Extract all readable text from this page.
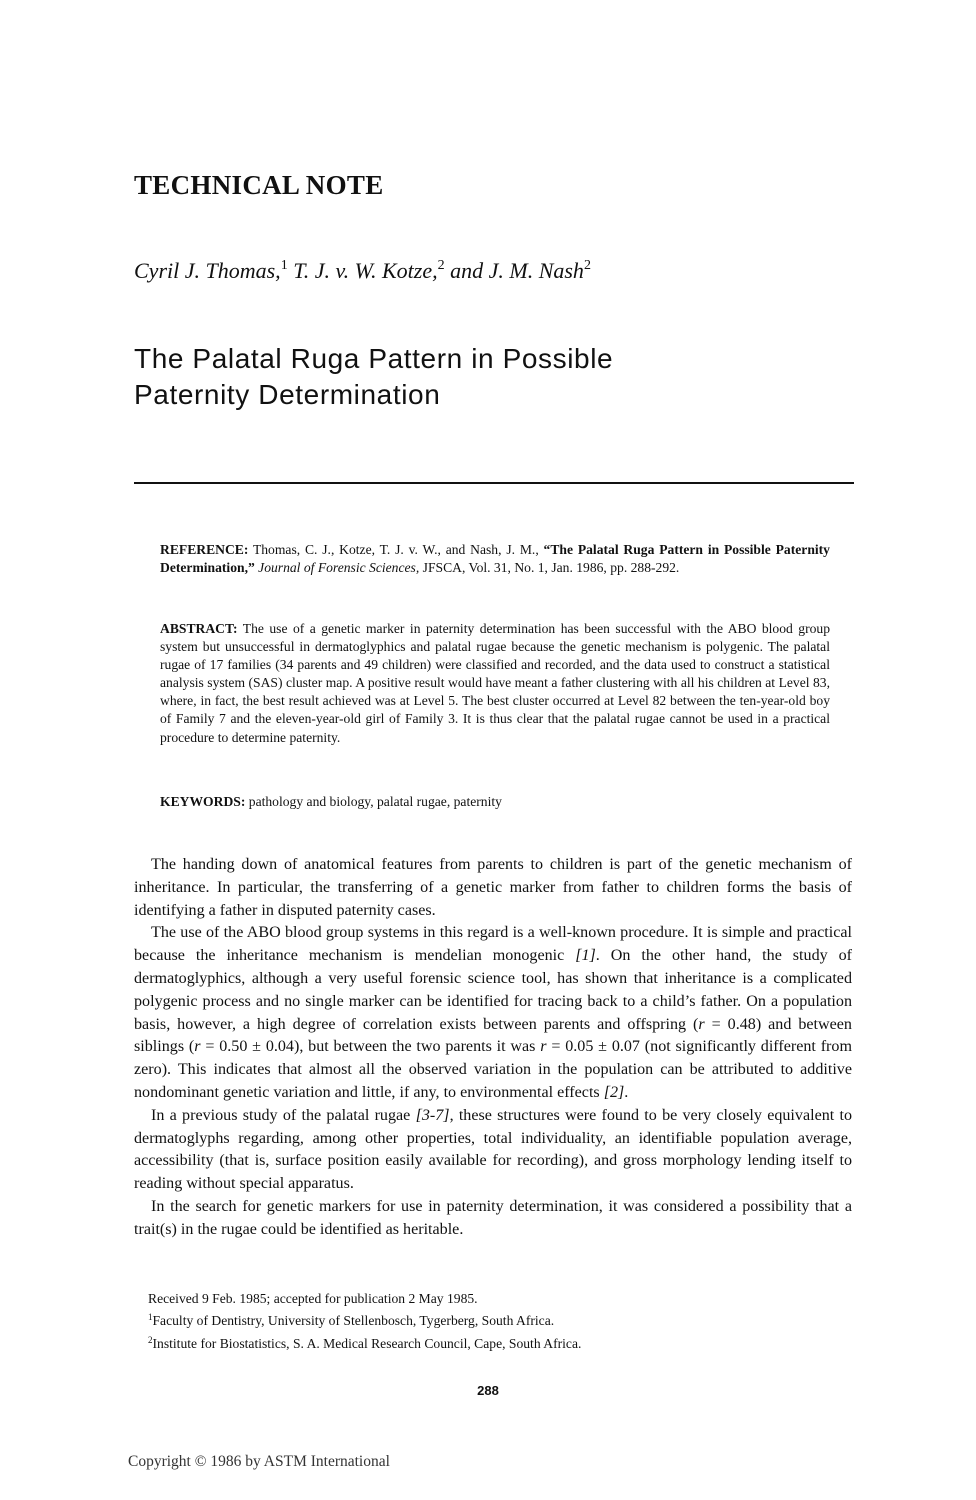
TECHNICAL NOTE
Cyril J. Thomas,$^1$ T. J. v. W. Kotze,$^2$ and J. M. Nash$^2$
The Palatal Ruga Pattern in Possible
Paternity Determination
REFERENCE: Thomas, C. J., Kotze, T. J. v. W., and Nash, J. M., “The Palatal Ruga Pattern in Possible Paternity Determination,” Journal of Forensic Sciences, JFSCA, Vol. 31, No. 1, Jan. 1986, pp. 288-292.
ABSTRACT: The use of a genetic marker in paternity determination has been successful with the ABO blood group system but unsuccessful in dermatoglyphics and palatal rugae because the genetic mechanism is polygenic. The palatal rugae of 17 families (34 parents and 49 children) were classified and recorded, and the data used to construct a statistical analysis system (SAS) cluster map. A positive result would have meant a father clustering with all his children at Level 83, where, in fact, the best result achieved was at Level 5. The best cluster occurred at Level 82 between the ten-year-old boy of Family 7 and the eleven-year-old girl of Family 3. It is thus clear that the palatal rugae cannot be used in a practical procedure to determine paternity.
KEYWORDS: pathology and biology, palatal rugae, paternity

The handing down of anatomical features from parents to children is part of the genetic mechanism of inheritance. In particular, the transferring of a genetic marker from father to children forms the basis of identifying a father in disputed paternity cases.

The use of the ABO blood group systems in this regard is a well-known procedure. It is simple and practical because the inheritance mechanism is mendelian monogenic [1]. On the other hand, the study of dermatoglyphics, although a very useful forensic science tool, has shown that inheritance is a complicated polygenic process and no single marker can be identified for tracing back to a child’s father. On a population basis, however, a high degree of correlation exists between parents and offspring (r = 0.48) and between siblings (r = 0.50 ± 0.04), but between the two parents it was r = 0.05 ± 0.07 (not significantly different from zero). This indicates that almost all the observed variation in the population can be attributed to additive nondominant genetic variation and little, if any, to environmental effects [2].

In a previous study of the palatal rugae [3-7], these structures were found to be very closely equivalent to dermatoglyphs regarding, among other properties, total individuality, an identifiable population average, accessibility (that is, surface position easily available for recording), and gross morphology lending itself to reading without special apparatus.

In the search for genetic markers for use in paternity determination, it was considered a possibility that a trait(s) in the rugae could be identified as heritable.

Received 9 Feb. 1985; accepted for publication 2 May 1985.
$^1$Faculty of Dentistry, University of Stellenbosch, Tygerberg, South Africa.
$^2$Institute for Biostatistics, S. A. Medical Research Council, Cape, South Africa.
288
Copyright © 1986 by ASTM International
